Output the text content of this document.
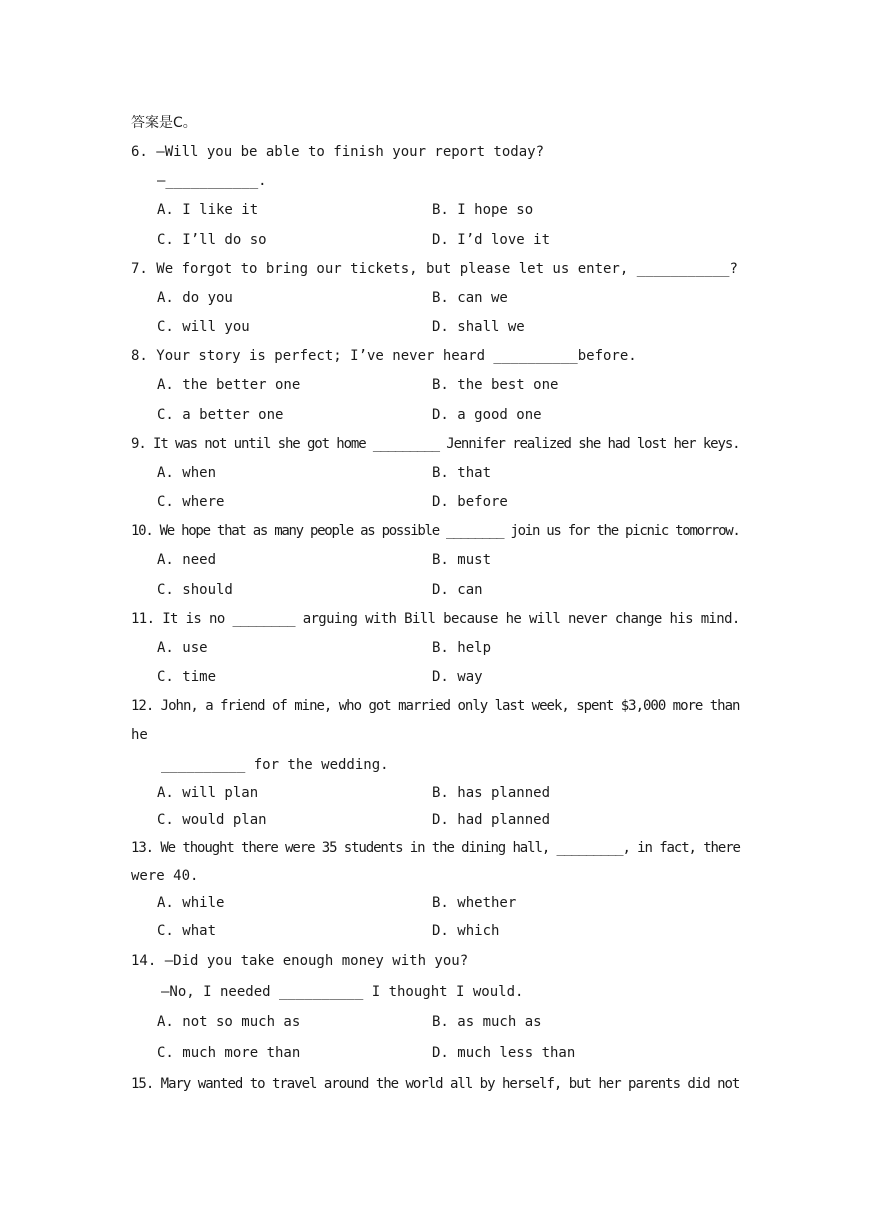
答案是C。
6. —Will you be able to finish your report today?
—___________.
A. I like it	B. I hope so
C. I’ll do so	D. I’d love it
7. We forgot to bring our tickets, but please let us enter, ___________?
A. do you	B. can we
C. will you	D. shall we
8. Your story is perfect; I’ve never heard __________before.
A. the better one	B. the best one
C. a better one	D. a good one
9. It was not until she got home _________ Jennifer realized she had lost her keys.
A. when	B. that
C. where	D. before
10. We hope that as many people as possible ________ join us for the picnic tomorrow.
A. need	B. must
C. should	D. can
11. It is no ________ arguing with Bill because he will never change his mind.
A. use	B. help
C. time	D. way
12. John, a friend of mine, who got married only last week, spent $3,000 more than
he
__________ for the wedding.
A. will plan	B. has planned
C. would plan	D. had planned
13. We thought there were 35 students in the dining hall, _________, in fact, there
were 40.
A. while	B. whether
C. what	D. which
14. —Did you take enough money with you?
—No, I needed __________ I thought I would.
A. not so much as	B. as much as
C. much more than	D. much less than
15. Mary wanted to travel around the world all by herself, but her parents did not
